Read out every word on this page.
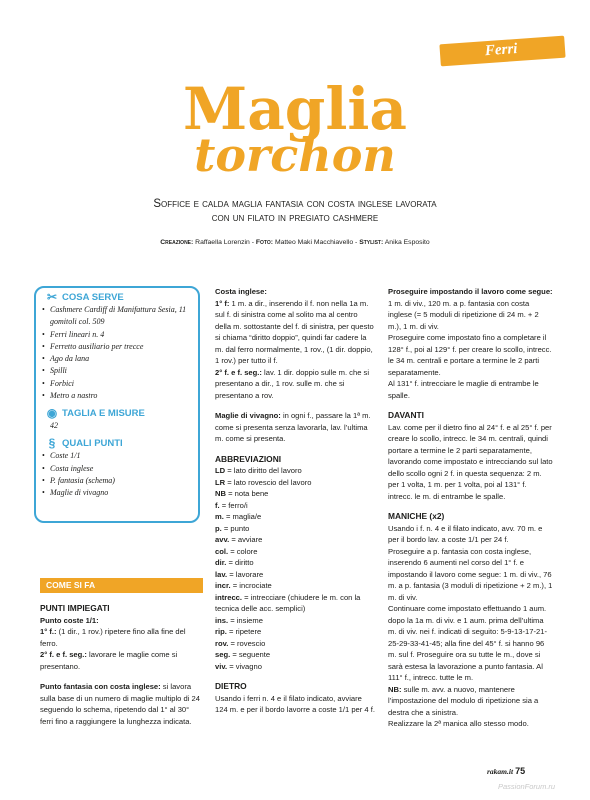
Ferri
Maglia
torchon
Soffice e calda maglia fantasia con costa inglese lavorata
con un filato in pregiato cashmere
Creazione: Raffaella Lorenzin - Foto: Matteo Maki Macchiavello - Stylist: Anika Esposito
✂ COSA SERVE
• Cashmere Cardiff di Manifattura Sesia, 11 gomitoli col. 509
• Ferri lineari n. 4
• Ferretto ausiliario per trecce
• Ago da lana
• Spilli
• Forbici
• Metro a nastro
◉ TAGLIA E MISURE
42
§ QUALI PUNTI
• Coste 1/1
• Costa inglese
• P. fantasia (schema)
• Maglie di vivagno
COME SI FA

PUNTI IMPIEGATI

Punto coste 1/1:

1° f.: (1 dir., 1 rov.) ripetere fino alla fine del ferro.

2° f. e f. seg.: lavorare le maglie come si presentano.

Punto fantasia con costa inglese: si lavora sulla base di un numero di maglie multiplo di 24 seguendo lo schema, ripetendo dal 1° al 30° ferri fino a raggiungere la lunghezza indicata.

Costa inglese:

1° f: 1 m. a dir., inserendo il f. non nella 1a m. sul f. di sinistra come al solito ma al centro della m. sottostante del f. di sinistra, per questo si chiama “diritto doppio”, quindi far cadere la m. dal ferro normalmente, 1 rov., (1 dir. doppio, 1 rov.) per tutto il f.

2° f. e f. seg.: lav. 1 dir. doppio sulle m. che si presentano a dir., 1 rov. sulle m. che si presentano a rov.

Maglie di vivagno: in ogni f., passare la 1ª m. come si presenta senza lavorarla, lav. l’ultima m. come si presenta.

ABBREVIAZIONI

LD = lato diritto del lavoro

LR = lato rovescio del lavoro

NB = nota bene

f. = ferro/i

m. = maglia/e

p. = punto

avv. = avviare

col. = colore

dir. = diritto

lav. = lavorare

incr. = incrociate

intrecc. = intrecciare (chiudere le m. con la tecnica delle acc. semplici)

ins. = insieme

rip. = ripetere

rov. = rovescio

seg. = seguente

viv. = vivagno

DIETRO

Usando i ferri n. 4 e il filato indicato, avviare 124 m. e per il bordo lavorre a coste 1/1 per 4 f.

Proseguire impostando il lavoro come segue: 1 m. di viv., 120 m. a p. fantasia con costa inglese (= 5 moduli di ripetizione di 24 m. + 2 m.), 1 m. di viv.

Proseguire come impostato fino a completare il 128° f., poi al 129° f. per creare lo scollo, intrecc. le 34 m. centrali e portare a termine le 2 parti separatamente.

Al 131° f. intrecciare le maglie di entrambe le spalle.

DAVANTI

Lav. come per il dietro fino al 24° f. e al 25° f. per creare lo scollo, intrecc. le 34 m. centrali, quindi portare a termine le 2 parti separatamente, lavorando come impostato e intrecciando sul lato dello scollo ogni 2 f. in questa sequenza: 2 m. per 1 volta, 1 m. per 1 volta, poi al 131° f. intrecc. le m. di entrambe le spalle.

MANICHE (x2)

Usando i f. n. 4 e il filato indicato, avv. 70 m. e per il bordo lav. a coste 1/1 per 24 f.

Proseguire a p. fantasia con costa inglese, inserendo 6 aumenti nel corso del 1° f. e impostando il lavoro come segue: 1 m. di viv., 76 m. a p. fantasia (3 moduli di ripetizione + 2 m.), 1 m. di viv.

Continuare come impostato effettuando 1 aum. dopo la 1a m. di viv. e 1 aum. prima dell’ultima m. di viv. nei f. indicati di seguito: 5-9-13-17-21-25-29-33-41-45; alla fine del 45° f. si hanno 96 m. sul f. Proseguire ora su tutte le m., dove si sarà estesa la lavorazione a punto fantasia. Al 111° f., intrecc. tutte le m.

NB: sulle m. avv. a nuovo, mantenere l’impostazione del modulo di ripetizione sia a destra che a sinistra.

Realizzare la 2ª manica allo stesso modo.

rakam.it 75
PassionForum.ru
